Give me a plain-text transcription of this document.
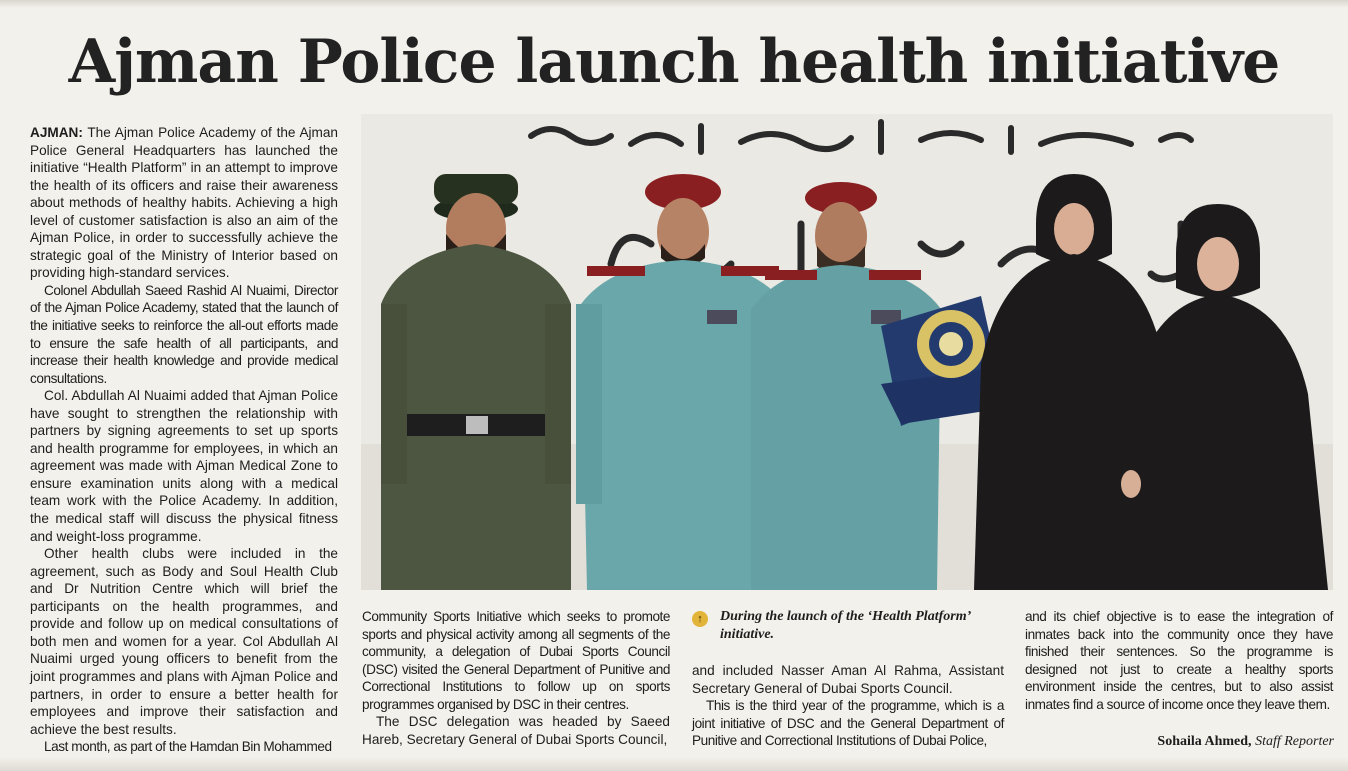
Ajman Police launch health initiative

AJMAN: The Ajman Police Academy of the Ajman Police General Headquarters has launched the initiative “Health Platform” in an attempt to improve the health of its officers and raise their awareness about methods of healthy habits. Achieving a high level of customer satisfaction is also an aim of the Ajman Police, in order to successfully achieve the strategic goal of the Ministry of Interior based on providing high-standard services.

Colonel Abdullah Saeed Rashid Al Nuaimi, Director of the Ajman Police Academy, stated that the launch of the initiative seeks to reinforce the all-out efforts made to ensure the safe health of all participants, and increase their health knowledge and provide medical consultations.

Col. Abdullah Al Nuaimi added that Ajman Police have sought to strengthen the relationship with partners by signing agreements to set up sports and health programme for employees, in which an agreement was made with Ajman Medical Zone to ensure examination units along with a medical team work with the Police Academy. In addition, the medical staff will discuss the physical fitness and weight-loss programme.

Other health clubs were included in the agreement, such as Body and Soul Health Club and Dr Nutrition Centre which will brief the participants on the health programmes, and provide and follow up on medical consultations of both men and women for a year. Col Abdullah Al Nuaimi urged young officers to benefit from the joint programmes and plans with Ajman Police and partners, in order to ensure a better health for employees and improve their satisfaction and achieve the best results.

Last month, as part of the Hamdan Bin Mohammed

Community Sports Initiative which seeks to promote sports and physical activity among all segments of the community, a delegation of Dubai Sports Council (DSC) visited the General Department of Punitive and Correctional Institutions to follow up on sports programmes organised by DSC in their centres.

The DSC delegation was headed by Saeed Hareb, Secretary General of Dubai Sports Council,

During the launch of the ‘Health Platform’ initiative.

↑

and included Nasser Aman Al Rahma, Assistant Secretary General of Dubai Sports Council.

This is the third year of the programme, which is a joint initiative of DSC and the General Department of Punitive and Correctional Institutions of Dubai Police,

and its chief objective is to ease the integration of inmates back into the community once they have finished their sentences. So the programme is designed not just to create a healthy sports environment inside the centres, but to also assist inmates find a source of income once they leave them.

Sohaila Ahmed, Staff Reporter
